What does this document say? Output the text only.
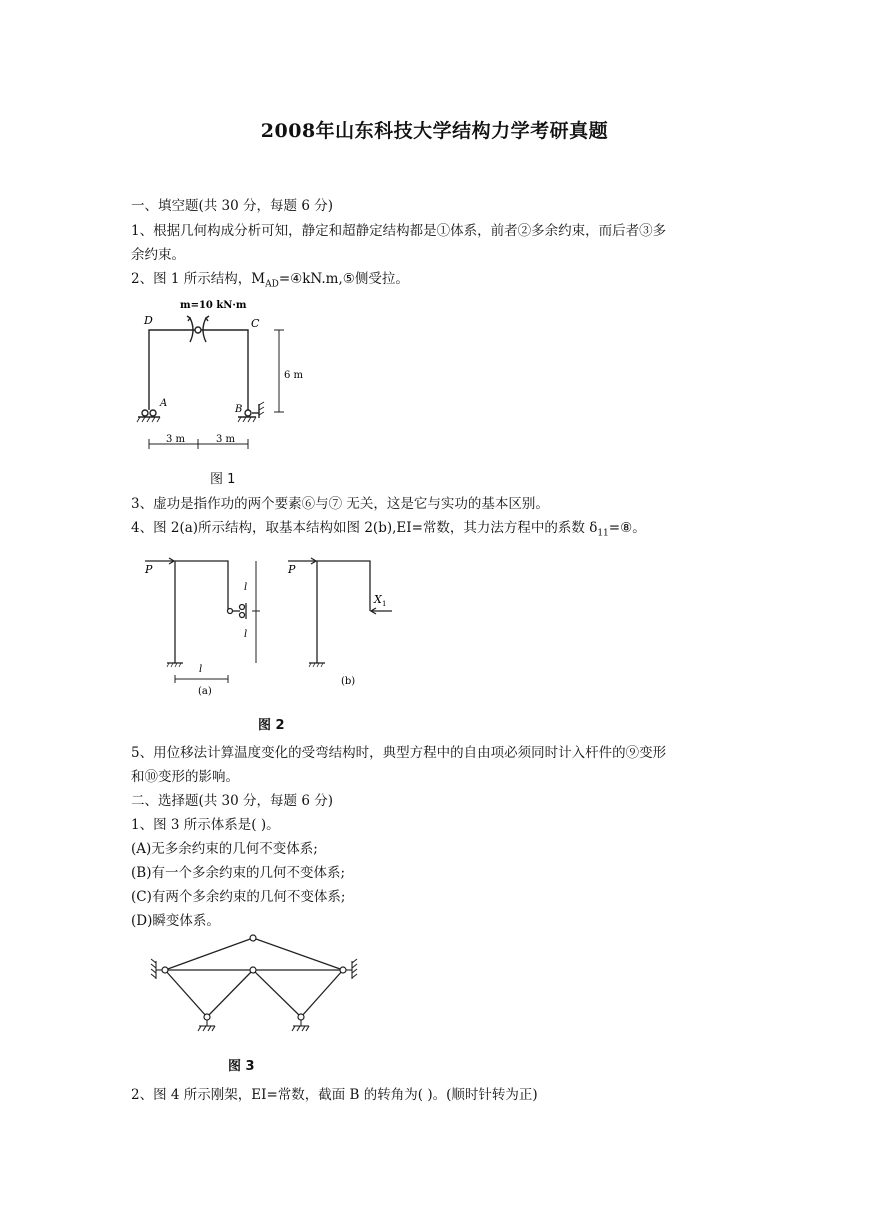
2008年山东科技大学结构力学考研真题
一、填空题(共 30 分，每题 6 分)
1、根据几何构成分析可知，静定和超静定结构都是①体系，前者②多余约束，而后者③多
余约束。
2、图 1 所示结构，$M_{AD}=④kN.m,⑤$侧受拉。
m=10 kN·m
D	C
A
B
6 m
3 m	3 m
图 1
3、虚功是指作功的两个要素⑥与⑦ 无关，这是它与实功的基本区别。
4、图 2(a)所示结构，取基本结构如图 2(b),EI=常数，其力法方程中的系数 $\delta_{11}=⑧$。
P	P
l
l
l
(a)
(b)
X 1
图 2
5、用位移法计算温度变化的受弯结构时，典型方程中的自由项必须同时计入杆件的⑨变形
和⑩变形的影响。
二、选择题(共 30 分，每题 6 分)
1、图 3 所示体系是( )。
(A)无多余约束的几何不变体系;
(B)有一个多余约束的几何不变体系;
(C)有两个多余约束的几何不变体系;
(D)瞬变体系。
图 3
2、图 4 所示刚架，EI=常数，截面 B 的转角为( )。(顺时针转为正)
